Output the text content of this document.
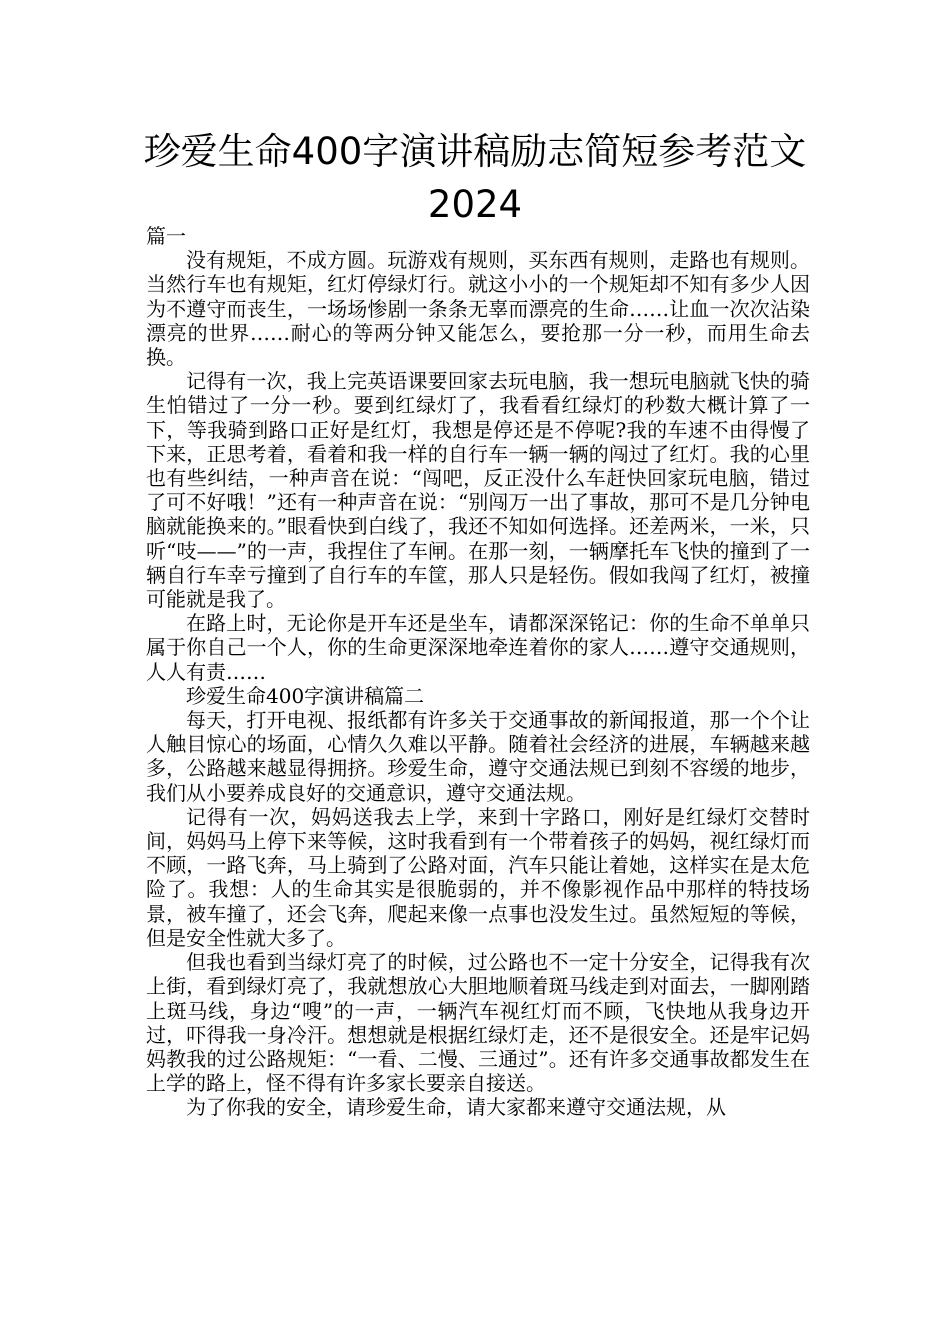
珍爱生命400字演讲稿励志简短参考范文2024

篇一

没有规矩，不成方圆。玩游戏有规则，买东西有规则，走路也有规则。当然行车也有规矩，红灯停绿灯行。就这小小的一个规矩却不知有多少人因为不遵守而丧生，一场场惨剧一条条无辜而漂亮的生命……让血一次次沾染漂亮的世界……耐心的等两分钟又能怎么，要抢那一分一秒，而用生命去换。

记得有一次，我上完英语课要回家去玩电脑，我一想玩电脑就飞快的骑生怕错过了一分一秒。要到红绿灯了，我看看红绿灯的秒数大概计算了一下，等我骑到路口正好是红灯，我想是停还是不停呢?我的车速不由得慢了下来，正思考着，看着和我一样的自行车一辆一辆的闯过了红灯。我的心里也有些纠结，一种声音在说：“闯吧，反正没什么车赶快回家玩电脑，错过了可不好哦！”还有一种声音在说：“别闯万一出了事故，那可不是几分钟电脑就能换来的。”眼看快到白线了，我还不知如何选择。还差两米，一米，只听“吱——”的一声，我捏住了车闸。在那一刻，一辆摩托车飞快的撞到了一辆自行车幸亏撞到了自行车的车筐，那人只是轻伤。假如我闯了红灯，被撞可能就是我了。

在路上时，无论你是开车还是坐车，请都深深铭记：你的生命不单单只属于你自己一个人，你的生命更深深地牵连着你的家人……遵守交通规则，人人有责……

珍爱生命400字演讲稿篇二

每天，打开电视、报纸都有许多关于交通事故的新闻报道，那一个个让人触目惊心的场面，心情久久难以平静。随着社会经济的进展，车辆越来越多，公路越来越显得拥挤。珍爱生命，遵守交通法规已到刻不容缓的地步，我们从小要养成良好的交通意识，遵守交通法规。

记得有一次，妈妈送我去上学，来到十字路口，刚好是红绿灯交替时间，妈妈马上停下来等候，这时我看到有一个带着孩子的妈妈，视红绿灯而不顾，一路飞奔，马上骑到了公路对面，汽车只能让着她，这样实在是太危险了。我想：人的生命其实是很脆弱的，并不像影视作品中那样的特技场景，被车撞了，还会飞奔，爬起来像一点事也没发生过。虽然短短的等候，但是安全性就大多了。

但我也看到当绿灯亮了的时候，过公路也不一定十分安全，记得我有次上街，看到绿灯亮了，我就想放心大胆地顺着斑马线走到对面去，一脚刚踏上斑马线，身边“嗖”的一声，一辆汽车视红灯而不顾，飞快地从我身边开过，吓得我一身冷汗。想想就是根据红绿灯走，还不是很安全。还是牢记妈妈教我的过公路规矩：“一看、二慢、三通过”。还有许多交通事故都发生在上学的路上，怪不得有许多家长要亲自接送。

为了你我的安全，请珍爱生命，请大家都来遵守交通法规，从
